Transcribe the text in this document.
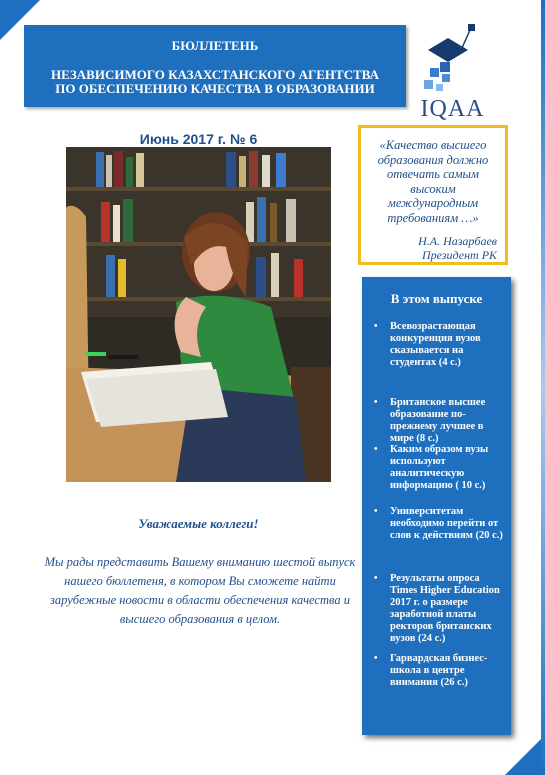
БЮЛЛЕТЕНЬ
НЕЗАВИСИМОГО КАЗАХСТАНСКОГО АГЕНТСТВА ПО ОБЕСПЕЧЕНИЮ КАЧЕСТВА В ОБРАЗОВАНИИ
IQAA
Июнь 2017 г. № 6	«Качество высшего образования должно отвечать самым высоким международным требованиям …»
Н.А. Назарбаев
Президент РК
В этом выпуске
• Всевозрастающая конкуренция вузов сказывается на студентах (4 с.)
• Британское высшее образование по-прежнему лучшее в мире (8 с.)
• Каким образом вузы используют аналитическую информацию ( 10 с.)
• Университетам необходимо перейти от слов к действиям (20 с.)
• Результаты опроса Times Higher Education 2017 г. о размере заработной платы ректоров британских вузов (24 с.)
• Гарвардская бизнес-школа в центре внимания (26 с.)
Уважаемые коллеги!
Мы рады представить Вашему вниманию шестой выпуск нашего бюллетеня, в котором Вы сможете найти зарубежные новости в области обеспечения качества и высшего образования в целом.
